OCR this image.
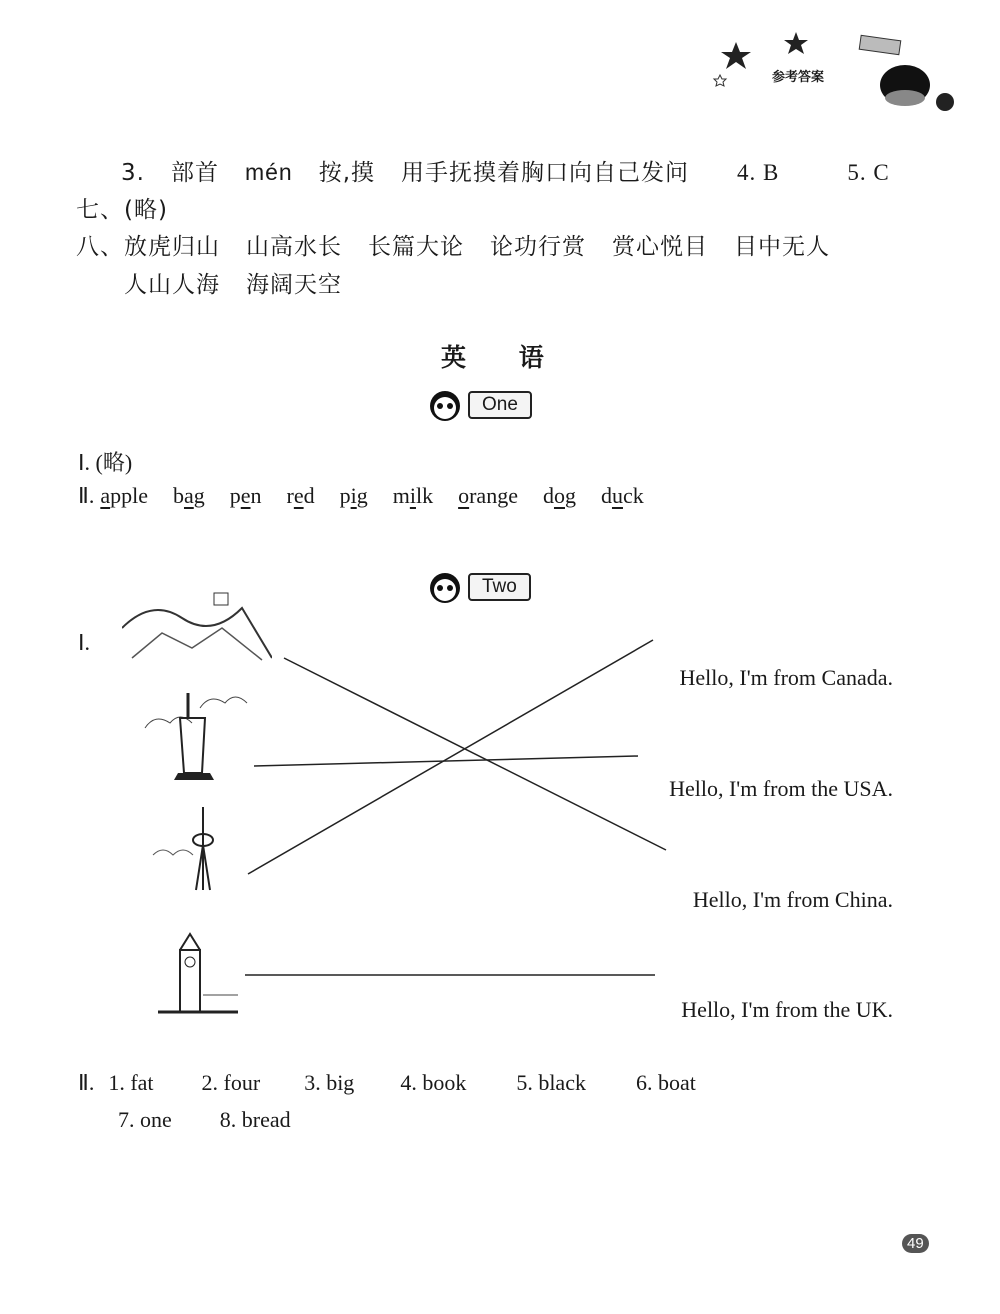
参考答案
3. 部首 mén 按,摸 用手抚摸着胸口向自己发问 4. B	5. C
七、(略)
八、放虎归山 山高水长 长篇大论 论功行赏 赏心悦目 目中无人
人山人海 海阔天空
英 语
One
Ⅰ. (略)
Ⅱ. apple bag pen red pig milk orange dog duck
Two
Ⅰ.
Hello, I'm from Canada.
Hello, I'm from the USA.
Hello, I'm from China.
Hello, I'm from the UK.
Ⅱ. 1. fat 2. four 3. big 4. book 5. black 6. boat
7. one 8. bread
49
